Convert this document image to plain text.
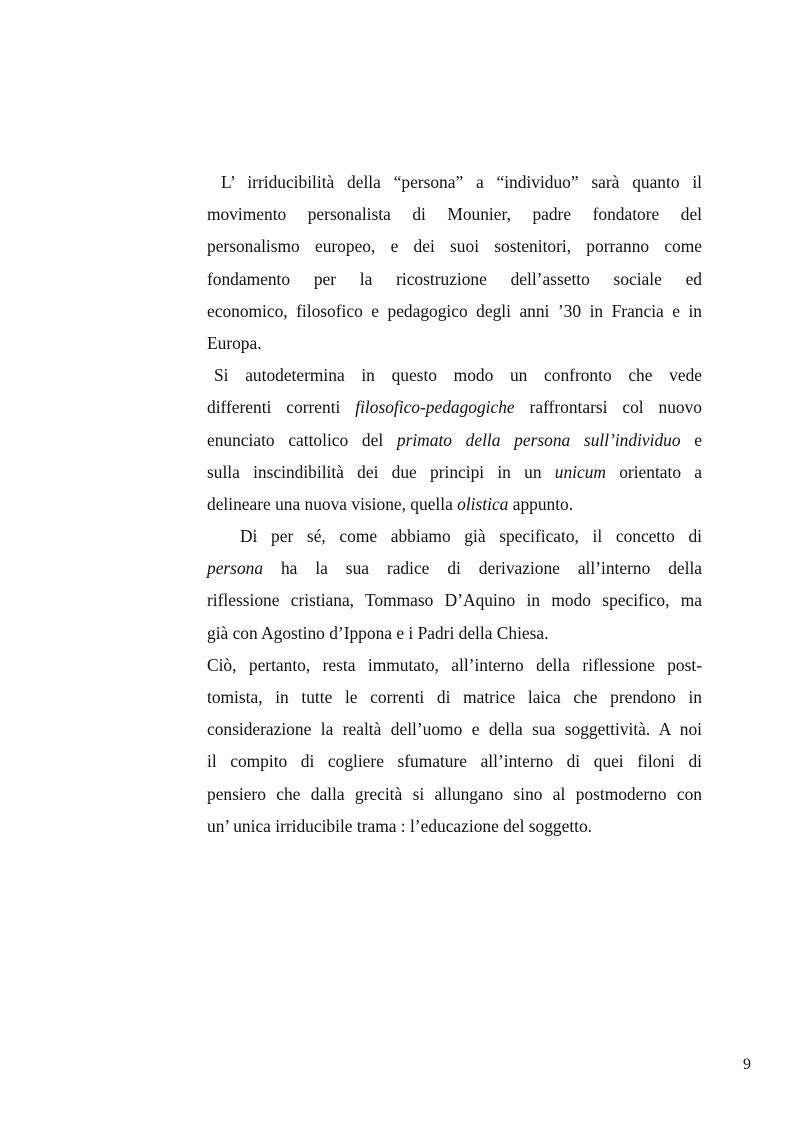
L’ irriducibilità della “persona” a “individuo” sarà quanto il
movimento personalista di Mounier, padre fondatore del
personalismo europeo, e dei suoi sostenitori, porranno come
fondamento per la ricostruzione dell’assetto sociale ed
economico, filosofico e pedagogico degli anni ’30 in Francia e in
Europa.
Si autodetermina in questo modo un confronto che vede
differenti correnti filosofico-pedagogiche raffrontarsi col nuovo
enunciato cattolico del primato della persona sull’individuo e
sulla inscindibilità dei due principi in un unicum orientato a
delineare una nuova visione, quella olistica appunto.
Di per sé, come abbiamo già specificato, il concetto di
persona ha la sua radice di derivazione all’interno della
riflessione cristiana, Tommaso D’Aquino in modo specifico, ma
già con Agostino d’Ippona e i Padri della Chiesa.
Ciò, pertanto, resta immutato, all’interno della riflessione post-
tomista, in tutte le correnti di matrice laica che prendono in
considerazione la realtà dell’uomo e della sua soggettività. A noi
il compito di cogliere sfumature all’interno di quei filoni di
pensiero che dalla grecità si allungano sino al postmoderno con
un’ unica irriducibile trama : l’educazione del soggetto.
9
